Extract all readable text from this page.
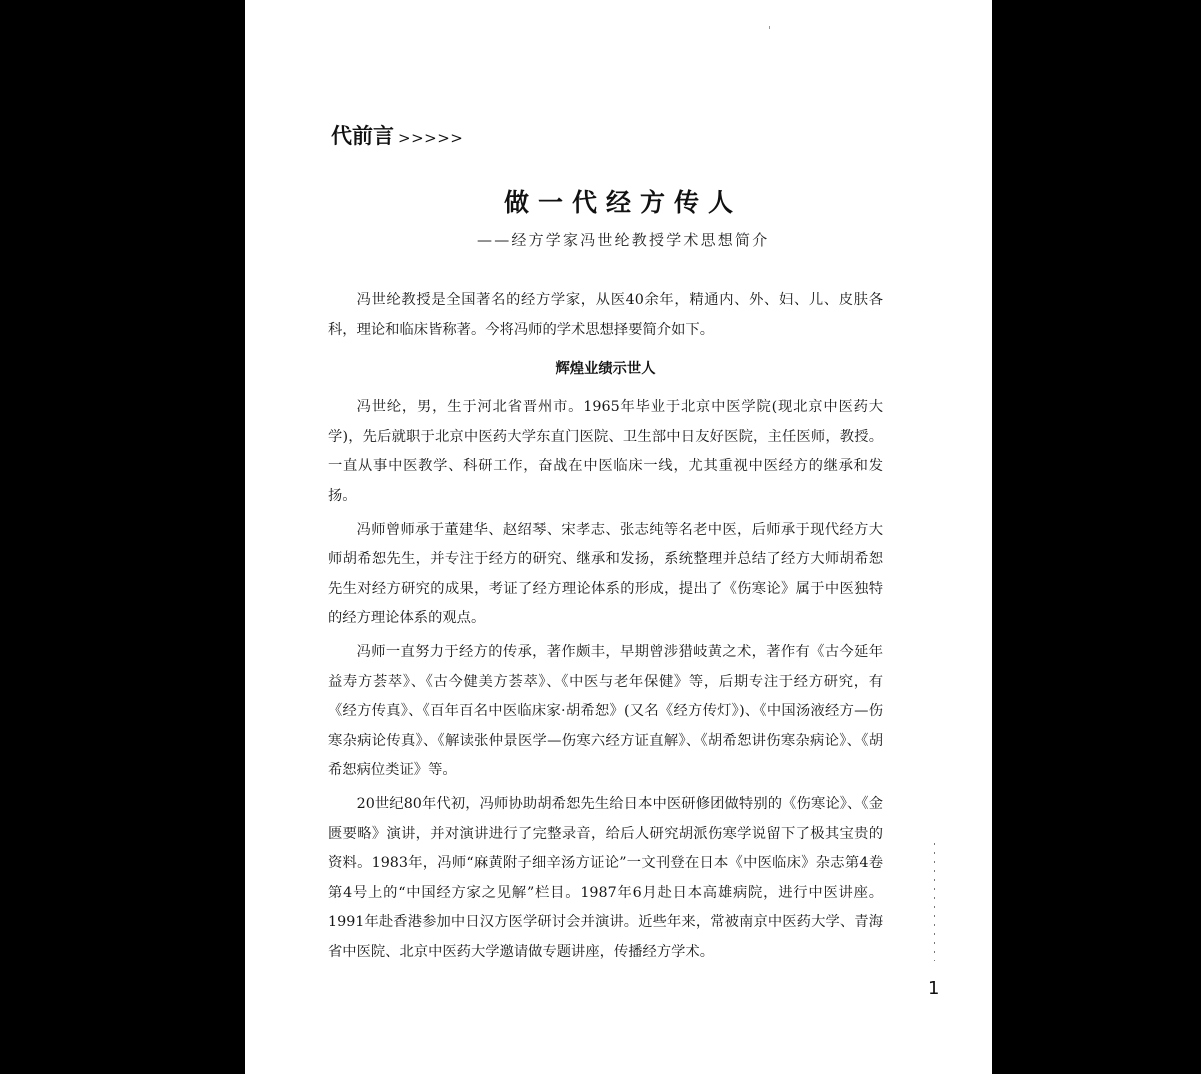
代前言 >>>>>
做一代经方传人
——经方学家冯世纶教授学术思想简介

冯世纶教授是全国著名的经方学家，从医40余年，精通内、外、妇、儿、皮肤各科，理论和临床皆称著。今将冯师的学术思想择要简介如下。

辉煌业绩示世人

冯世纶，男，生于河北省晋州市。1965年毕业于北京中医学院(现北京中医药大学)，先后就职于北京中医药大学东直门医院、卫生部中日友好医院，主任医师，教授。一直从事中医教学、科研工作，奋战在中医临床一线，尤其重视中医经方的继承和发扬。

冯师曾师承于董建华、赵绍琴、宋孝志、张志纯等名老中医，后师承于现代经方大师胡希恕先生，并专注于经方的研究、继承和发扬，系统整理并总结了经方大师胡希恕先生对经方研究的成果，考证了经方理论体系的形成，提出了《伤寒论》属于中医独特的经方理论体系的观点。

冯师一直努力于经方的传承，著作颇丰，早期曾涉猎岐黄之术，著作有《古今延年益寿方荟萃》、《古今健美方荟萃》、《中医与老年保健》等，后期专注于经方研究，有《经方传真》、《百年百名中医临床家·胡希恕》(又名《经方传灯》)、《中国汤液经方—伤寒杂病论传真》、《解读张仲景医学—伤寒六经方证直解》、《胡希恕讲伤寒杂病论》、《胡希恕病位类证》等。

20世纪80年代初，冯师协助胡希恕先生给日本中医研修团做特别的《伤寒论》、《金匮要略》演讲，并对演讲进行了完整录音，给后人研究胡派伤寒学说留下了极其宝贵的资料。1983年，冯师“麻黄附子细辛汤方证论”一文刊登在日本《中医临床》杂志第4卷第4号上的“中国经方家之见解”栏目。1987年6月赴日本高雄病院，进行中医讲座。1991年赴香港参加中日汉方医学研讨会并演讲。近些年来，常被南京中医药大学、青海省中医院、北京中医药大学邀请做专题讲座，传播经方学术。

1
